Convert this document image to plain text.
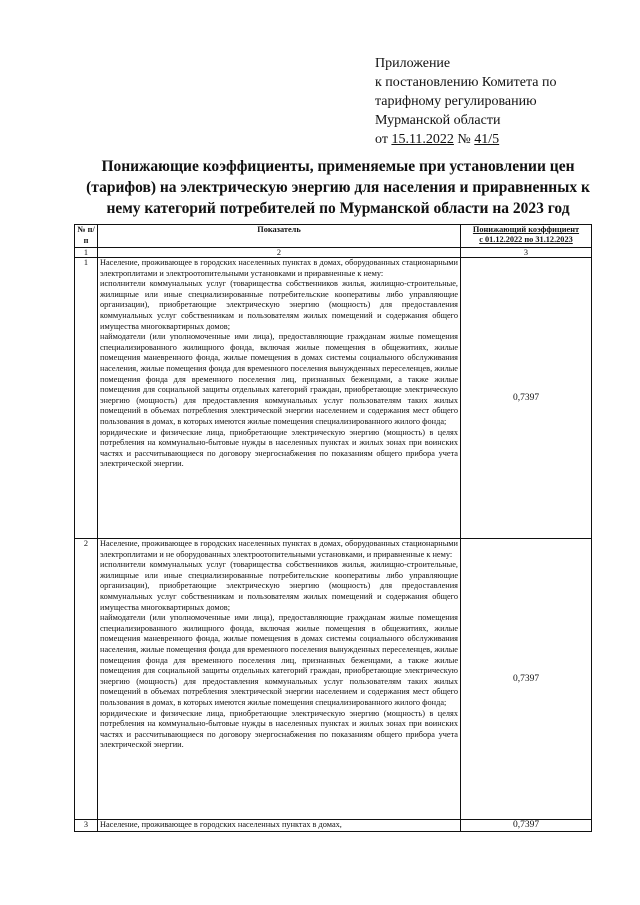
Приложение
к постановлению Комитета по
тарифному регулированию
Мурманской области
от 15.11.2022 № 41/5
Понижающие коэффициенты, применяемые при установлении цен (тарифов) на электрическую энергию для населения и приравненных к нему категорий потребителей по Мурманской области на 2023 год
№ п/п	Показатель	Понижающий коэффициент
с 01.12.2022 по 31.12.2023

1	2	3
1	Население, проживающее в городских населенных пунктах в домах, оборудованных стационарными электроплитами и электроотопительными установками и приравненные к нему:

исполнители коммунальных услуг (товарищества собственников жилья, жилищно-строительные, жилищные или иные специализированные потребительские кооперативы либо управляющие организации), приобретающие электрическую энергию (мощность) для предоставления коммунальных услуг собственникам и пользователям жилых помещений и содержания общего имущества многоквартирных домов;

наймодатели (или уполномоченные ими лица), предоставляющие гражданам жилые помещения специализированного жилищного фонда, включая жилые помещения в общежитиях, жилые помещения маневренного фонда, жилые помещения в домах системы социального обслуживания населения, жилые помещения фонда для временного поселения вынужденных переселенцев, жилые помещения фонда для временного поселения лиц, признанных беженцами, а также жилые помещения для социальной защиты отдельных категорий граждан, приобретающие электрическую энергию (мощность) для предоставления коммунальных услуг пользователям таких жилых помещений в объемах потребления электрической энергии населением и содержания мест общего пользования в домах, в которых имеются жилые помещения специализированного жилого фонда;

юридические и физические лица, приобретающие электрическую энергию (мощность) в целях потребления на коммунально-бытовые нужды в населенных пунктах и жилых зонах при воинских частях и рассчитывающиеся по договору энергоснабжения по показаниям общего прибора учета электрической энергии.	0,7397
2	Население, проживающее в городских населенных пунктах в домах, оборудованных стационарными электроплитами и не оборудованных электроотопительными установками, и приравненные к нему:

исполнители коммунальных услуг (товарищества собственников жилья, жилищно-строительные, жилищные или иные специализированные потребительские кооперативы либо управляющие организации), приобретающие электрическую энергию (мощность) для предоставления коммунальных услуг собственникам и пользователям жилых помещений и содержания общего имущества многоквартирных домов;

наймодатели (или уполномоченные ими лица), предоставляющие гражданам жилые помещения специализированного жилищного фонда, включая жилые помещения в общежитиях, жилые помещения маневренного фонда, жилые помещения в домах системы социального обслуживания населения, жилые помещения фонда для временного поселения вынужденных переселенцев, жилые помещения фонда для временного поселения лиц, признанных беженцами, а также жилые помещения для социальной защиты отдельных категорий граждан, приобретающие электрическую энергию (мощность) для предоставления коммунальных услуг пользователям таких жилых помещений в объемах потребления электрической энергии населением и содержания мест общего пользования в домах, в которых имеются жилые помещения специализированного жилого фонда;

юридические и физические лица, приобретающие электрическую энергию (мощность) в целях потребления на коммунально-бытовые нужды в населенных пунктах и жилых зонах при воинских частях и рассчитывающиеся по договору энергоснабжения по показаниям общего прибора учета электрической энергии.	0,7397
3	Население, проживающее в городских населенных пунктах в домах,	0,7397
